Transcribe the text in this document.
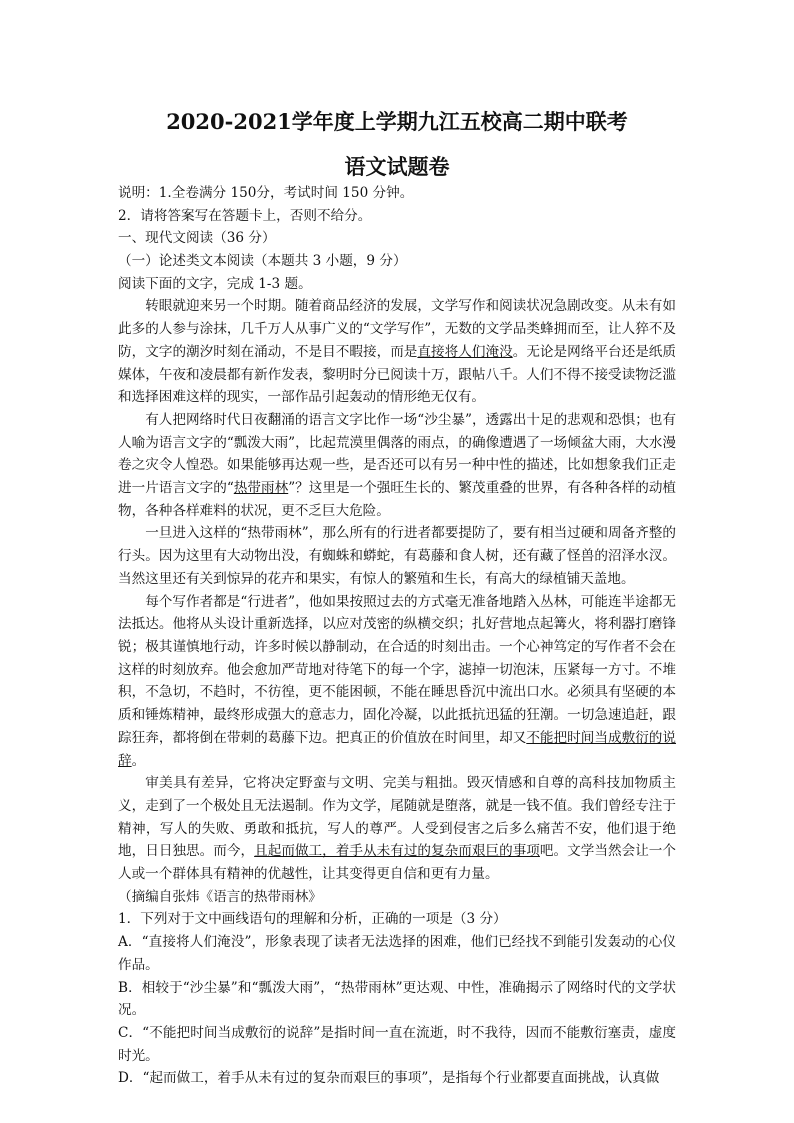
2020-2021学年度上学期九江五校高二期中联考
语文试题卷
说明：1.全卷满分 150分，考试时间 150 分钟。
2．请将答案写在答题卡上，否则不给分。
一、现代文阅读（36 分）
（一）论述类文本阅读（本题共 3 小题，9 分）
阅读下面的文字，完成 1-3 题。

转眼就迎来另一个时期。随着商品经济的发展，文学写作和阅读状况急剧改变。从未有如此多的人参与涂抹，几千万人从事广义的“文学写作”，无数的文学品类蜂拥而至，让人猝不及防，文字的潮汐时刻在涌动，不是目不暇接，而是直接将人们淹没。无论是网络平台还是纸质媒体，午夜和凌晨都有新作发表，黎明时分已阅读十万，跟帖八千。人们不得不接受读物泛滥和选择困难这样的现实，一部作品引起轰动的情形绝无仅有。

有人把网络时代日夜翻涌的语言文字比作一场“沙尘暴”，透露出十足的悲观和恐惧；也有人喻为语言文字的“瓢泼大雨”，比起荒漠里偶落的雨点，的确像遭遇了一场倾盆大雨，大水漫卷之灾令人惶恐。如果能够再达观一些，是否还可以有另一种中性的描述，比如想象我们正走进一片语言文字的“热带雨林”？这里是一个强旺生长的、繁茂重叠的世界，有各种各样的动植物，各种各样难料的状况，更不乏巨大危险。

一旦进入这样的“热带雨林”，那么所有的行进者都要提防了，要有相当过硬和周备齐整的行头。因为这里有大动物出没，有蜘蛛和蟒蛇，有葛藤和食人树，还有藏了怪兽的沼泽水汊。当然这里还有关到惊异的花卉和果实，有惊人的繁殖和生长，有高大的绿植铺天盖地。

每个写作者都是“行进者”，他如果按照过去的方式毫无准备地踏入丛林，可能连半途都无法抵达。他将从头设计重新选择，以应对茂密的纵横交织；扎好营地点起篝火，将利器打磨锋锐；极其谨慎地行动，许多时候以静制动，在合适的时刻出击。一个心神笃定的写作者不会在这样的时刻放弃。他会愈加严苛地对待笔下的每一个字，滤掉一切泡沫，压紧每一方寸。不堆积，不急切，不趋时，不彷徨，更不能困顿，不能在睡思昏沉中流出口水。必须具有坚硬的本质和锤炼精神，最终形成强大的意志力，固化冷凝，以此抵抗迅猛的狂潮。一切急速追赶，跟踪狂奔，都将倒在带刺的葛藤下边。把真正的价值放在时间里，却又不能把时间当成敷衍的说辞。

审美具有差异，它将决定野蛮与文明、完美与粗拙。毁灭情感和自尊的高科技加物质主义，走到了一个极处且无法遏制。作为文学，尾随就是堕落，就是一钱不值。我们曾经专注于精神，写人的失败、勇敢和抵抗，写人的尊严。人受到侵害之后多么痛苦不安，他们退于绝地，日日独思。而今，且起而做工，着手从未有过的复杂而艰巨的事项吧。文学当然会让一个人或一个群体具有精神的优越性，让其变得更自信和更有力量。

（摘编自张炜《语言的热带雨林》
1．下列对于文中画线语句的理解和分析，正确的一项是（3 分）

A．“直接将人们淹没”，形象表现了读者无法选择的困难，他们已经找不到能引发轰动的心仪作品。

B．相较于“沙尘暴”和“瓢泼大雨”，“热带雨林”更达观、中性，准确揭示了网络时代的文学状况。

C．“不能把时间当成敷衍的说辞”是指时间一直在流逝，时不我待，因而不能敷衍塞责，虚度时光。

D．“起而做工，着手从未有过的复杂而艰巨的事项”，是指每个行业都要直面挑战，认真做
